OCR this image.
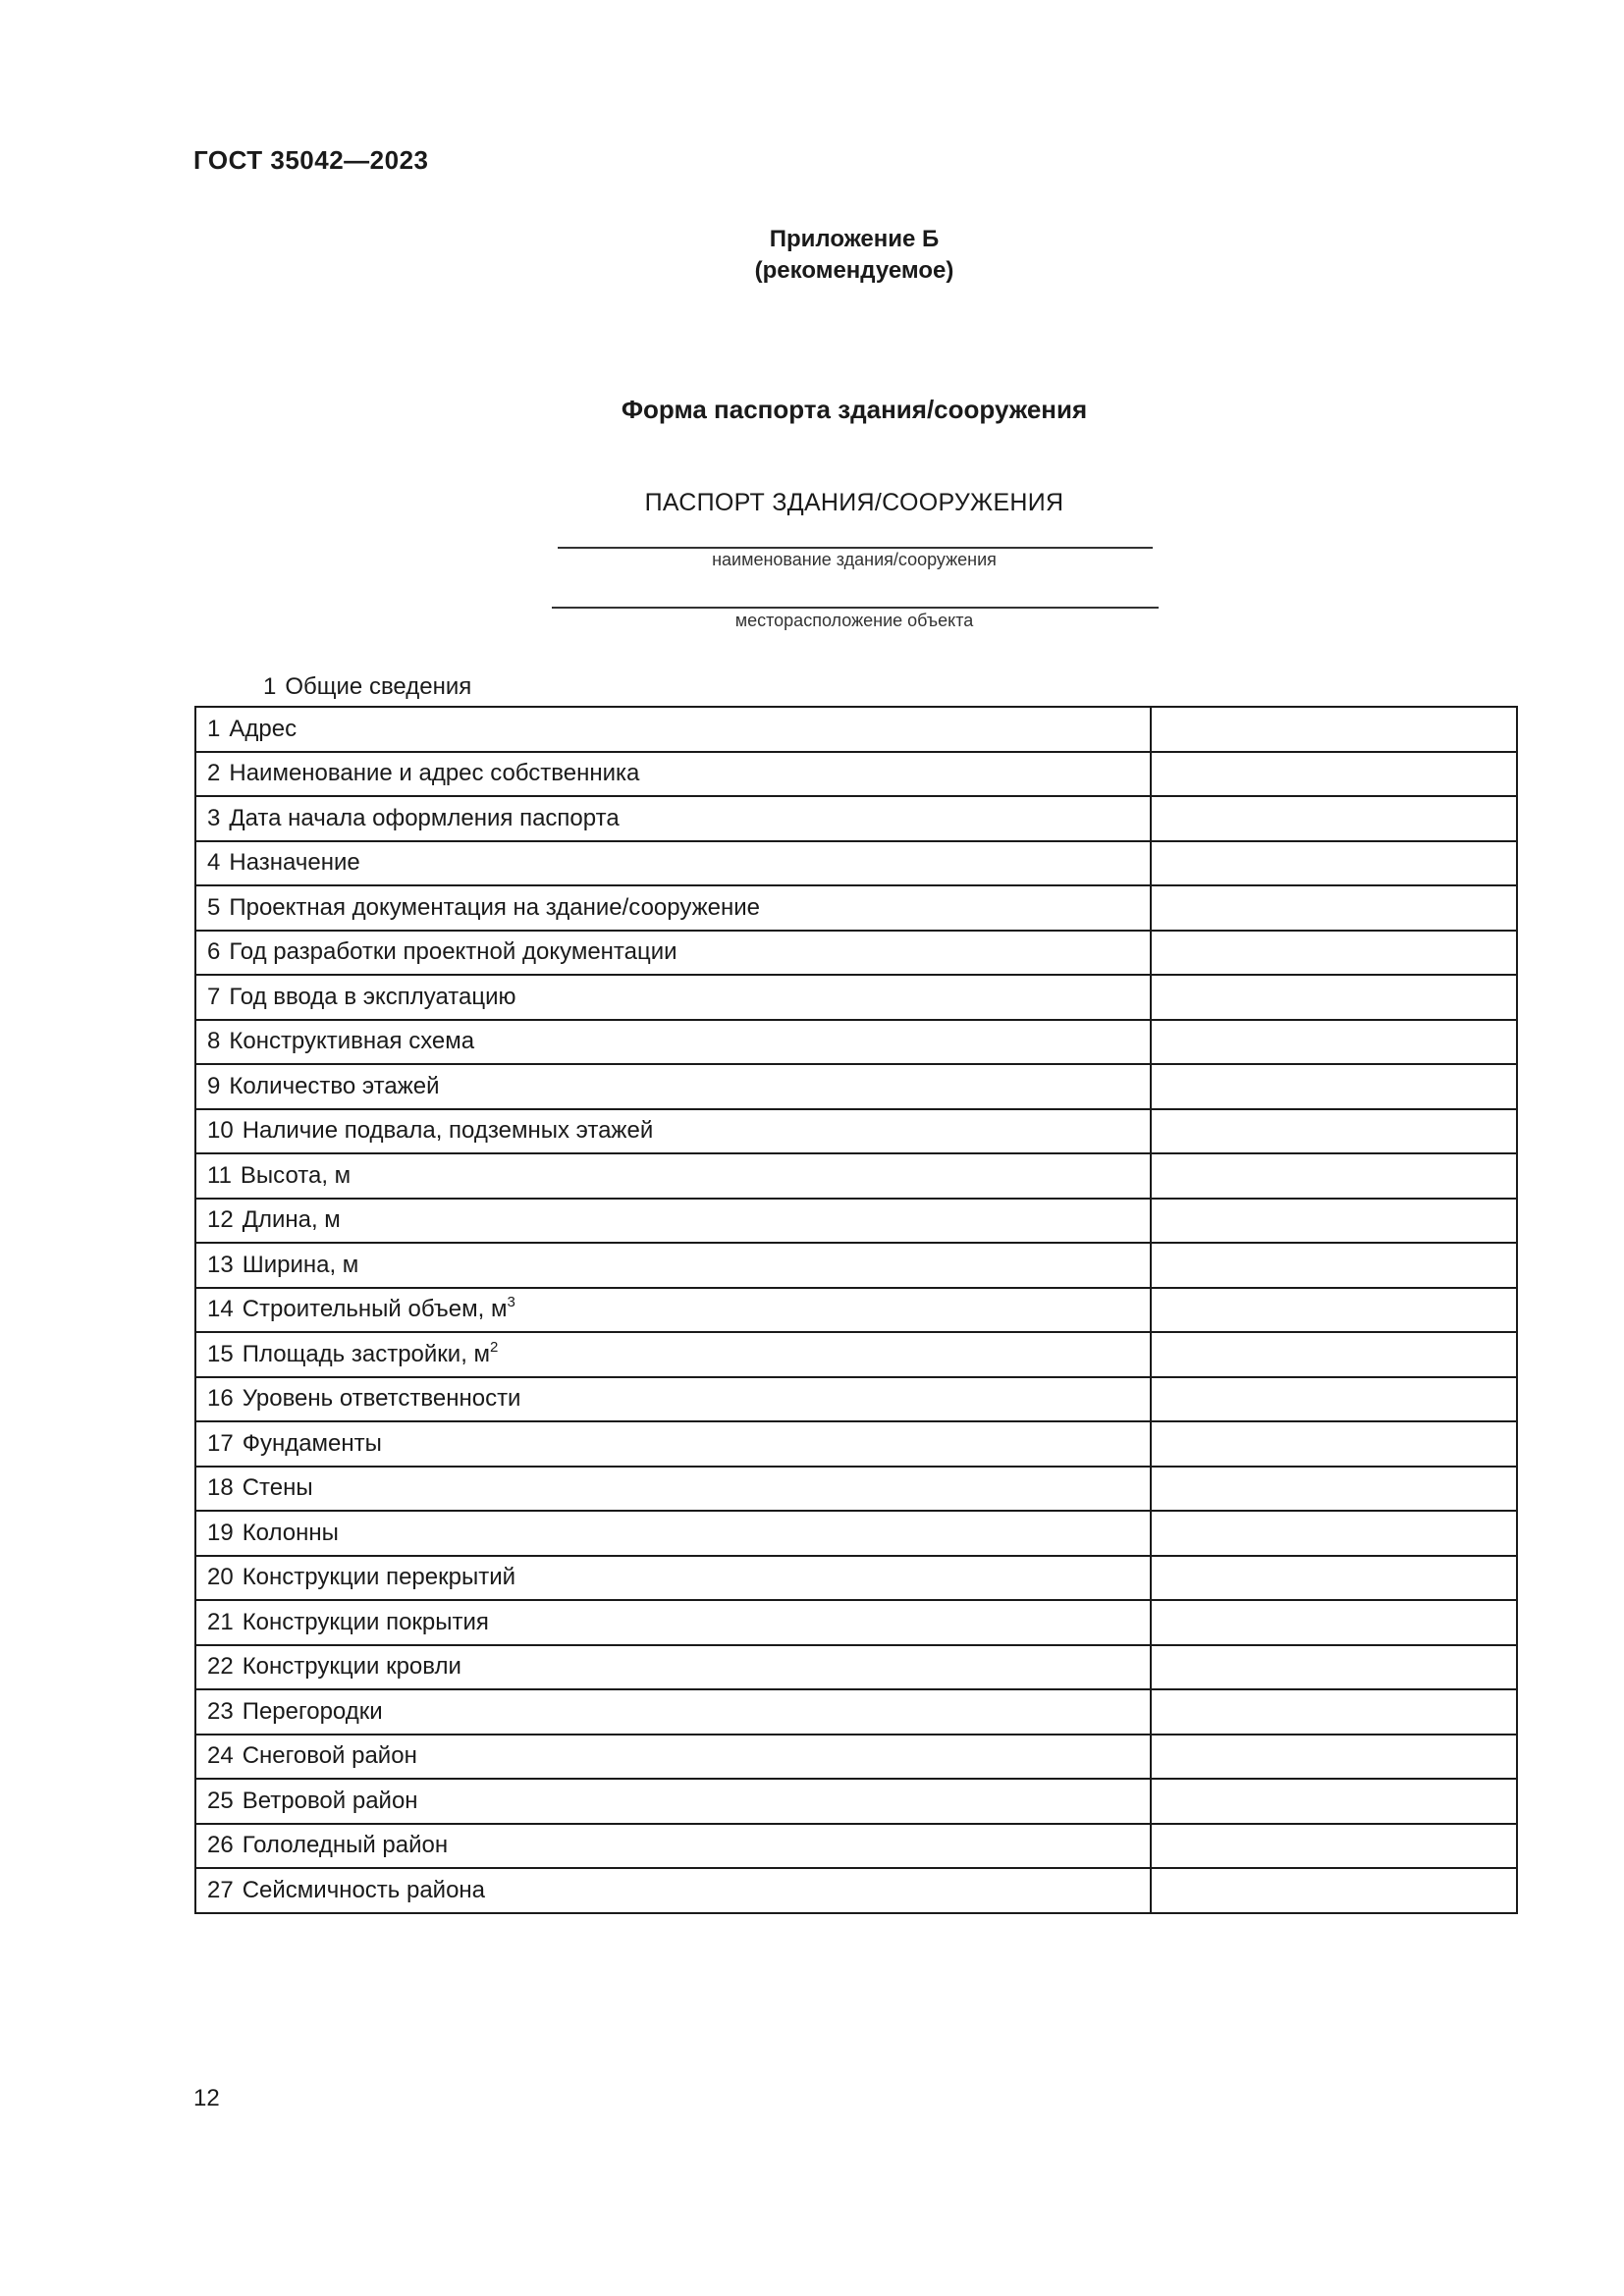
ГОСТ 35042—2023
Приложение Б
(рекомендуемое)
Форма паспорта здания/сооружения
ПАСПОРТ ЗДАНИЯ/СООРУЖЕНИЯ
наименование здания/сооружения
месторасположение объекта
1 Общие сведения
1 Адрес	
2 Наименование и адрес собственника	
3 Дата начала оформления паспорта	
4 Назначение	
5 Проектная документация на здание/сооружение	
6 Год разработки проектной документации	
7 Год ввода в эксплуатацию	
8 Конструктивная схема	
9 Количество этажей	
10 Наличие подвала, подземных этажей	
11 Высота, м	
12 Длина, м	
13 Ширина, м	
14 Строительный объем, $м^3$	
15 Площадь застройки, $м^2$	
16 Уровень ответственности	
17 Фундаменты	
18 Стены	
19 Колонны	
20 Конструкции перекрытий	
21 Конструкции покрытия	
22 Конструкции кровли	
23 Перегородки	
24 Снеговой район	
25 Ветровой район	
26 Гололедный район	
27 Сейсмичность района	
12
